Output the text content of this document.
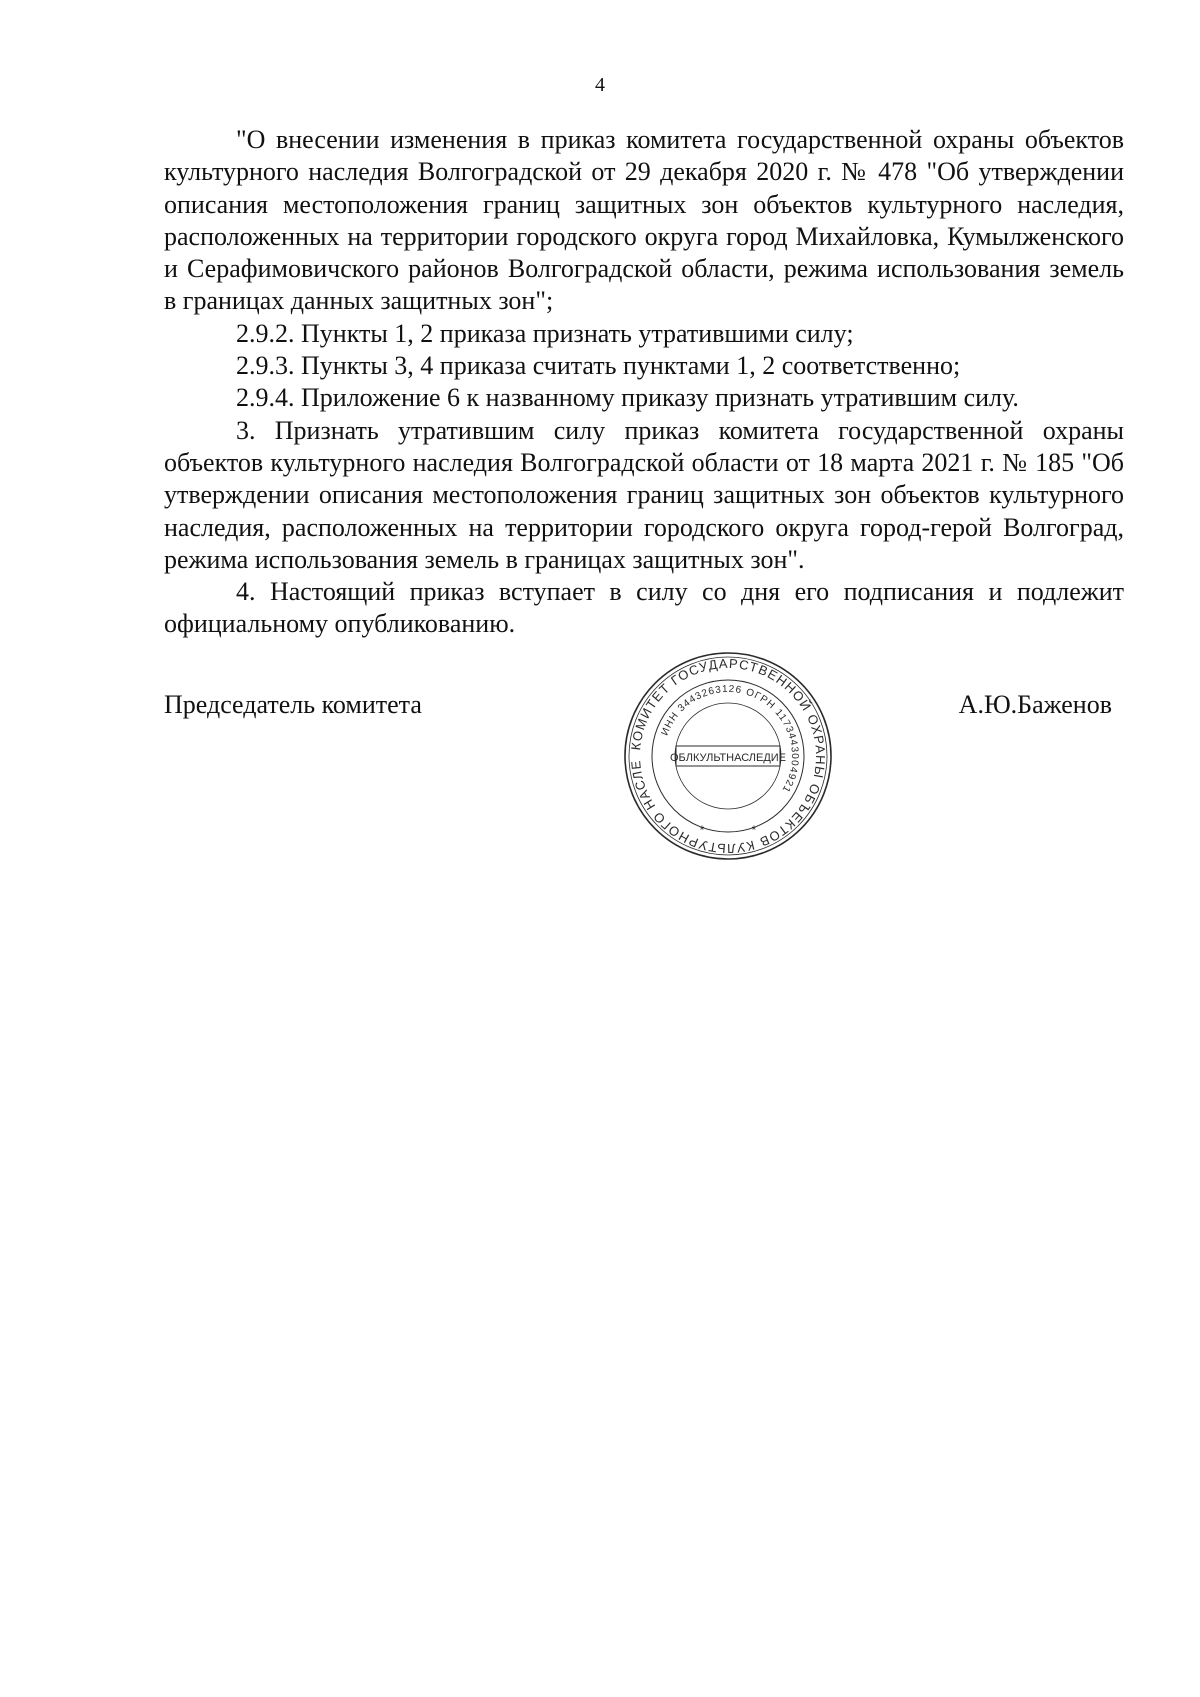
4

"О внесении изменения в приказ комитета государственной охраны объектов культурного наследия Волгоградской от 29 декабря 2020 г. № 478 "Об утверждении описания местоположения границ защитных зон объектов культурного наследия, расположенных на территории городского округа город Михайловка, Кумылженского и Серафимовичского районов Волгоградской области, режима использования земель в границах данных защитных зон";

2.9.2. Пункты 1, 2 приказа признать утратившими силу;

2.9.3. Пункты 3, 4 приказа считать пунктами 1, 2 соответственно;

2.9.4. Приложение 6 к названному приказу признать утратившим силу.

3. Признать утратившим силу приказ комитета государственной охраны объектов культурного наследия Волгоградской области от 18 марта 2021 г. № 185 "Об утверждении описания местоположения границ защитных зон объектов культурного наследия, расположенных на территории городского округа город-герой Волгоград, режима использования земель в границах защитных зон".

4. Настоящий приказ вступает в силу со дня его подписания и подлежит официальному опубликованию.

Председатель комитета	А.Ю.Баженов
КОМИТЕТ ГОСУДАРСТВЕННОЙ ОХРАНЫ ОБЪЕКТОВ КУЛЬТУРНОГО НАСЛЕ
ИНН 3443263126 ОГРН 1173443004921
ОБЛКУЛЬТНАСЛЕДИЕ
*	*
